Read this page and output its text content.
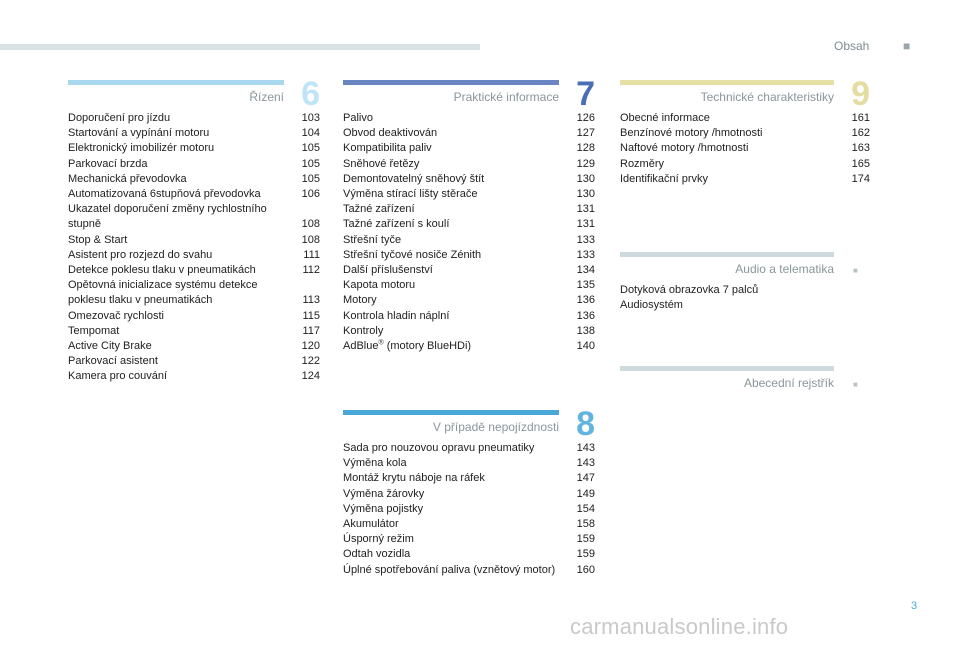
Obsah	■
Řízení 6
Doporučení pro jízdu	103
Startování a vypínání motoru	104
Elektronický imobilizér motoru	105
Parkovací brzda	105
Mechanická převodovka	105
Automatizovaná 6stupňová převodovka	106
Ukazatel doporučení změny rychlostního stupně	108
Stop & Start	108
Asistent pro rozjezd do svahu	111
Detekce poklesu tlaku v pneumatikách	112
Opětovná inicializace systému detekce poklesu tlaku v pneumatikách	113
Omezovač rychlosti	115
Tempomat	117
Active City Brake	120
Parkovací asistent	122
Kamera pro couvání	124
Praktické informace 7
Palivo	126
Obvod deaktivován	127
Kompatibilita paliv	128
Sněhové řetězy	129
Demontovatelný sněhový štít	130
Výměna stírací lišty stěrače	130
Tažné zařízení	131
Tažné zařízení s koulí	131
Střešní tyče	133
Střešní tyčové nosiče Zénith	133
Další příslušenství	134
Kapota motoru	135
Motory	136
Kontrola hladin náplní	136
Kontroly	138
AdBlue® (motory BlueHDi)	140
V případě nepojízdnosti 8
Sada pro nouzovou opravu pneumatiky	143
Výměna kola	143
Montáž krytu náboje na ráfek	147
Výměna žárovky	149
Výměna pojistky	154
Akumulátor	158
Úsporný režim	159
Odtah vozidla	159
Úplné spotřebování paliva (vznětový motor)	160
Technické charakteristiky 9
Obecné informace	161
Benzínové motory /hmotnosti	162
Naftové motory /hmotnosti	163
Rozměry	165
Identifikační prvky	174
Audio a telematika
Dotyková obrazovka 7 palců
Audiosystém
■
Abecední rejstřík ■
3
carmanualsonline.info
